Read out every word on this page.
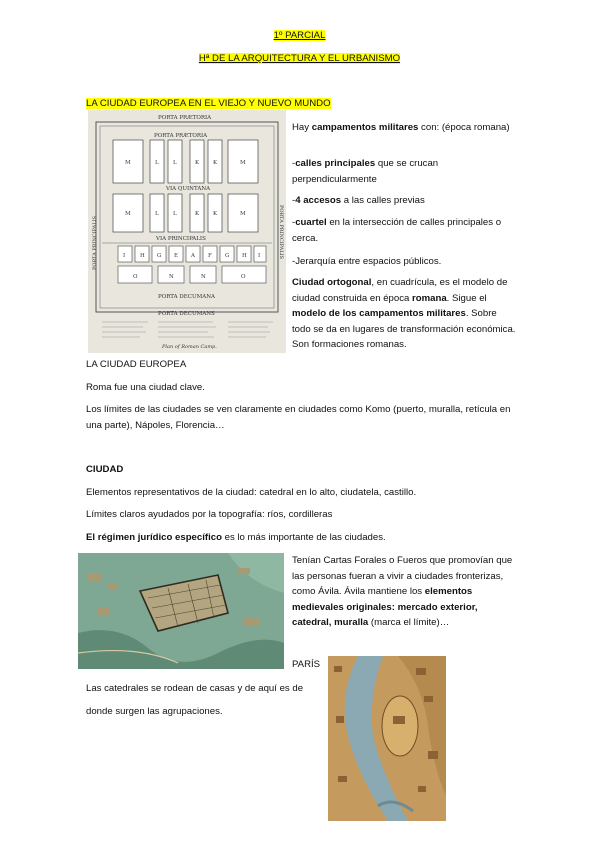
1º PARCIAL
Hª DE LA ARQUITECTURA Y EL URBANISMO
LA CIUDAD EUROPEA EN EL VIEJO Y NUEVO MUNDO
PORTA PRÆTORIA
PORTA PRÆTORIA
M	L	L	K	K	M
VIA QUINTANA
M	L	L	K	K	M
VIA PRINCIPALIS
I	H G E A F G H I
O	N	N	O
PORTA DECUMANA
PORTA DECUMANS
PORTA PRINCIPALIS	PORTA PRINCIPALIS
Plan of Roman Camp.
Hay campamentos militares con: (época romana)
-calles principales que se crucan perpendicularmente
-4 accesos a las calles previas
-cuartel en la intersección de calles principales o cerca.
-Jerarquía entre espacios públicos.
Ciudad ortogonal, en cuadrícula, es el modelo de ciudad construida en época romana. Sigue el modelo de los campamentos militares. Sobre todo se da en lugares de transformación económica. Son formaciones romanas.
LA CIUDAD EUROPEA
Roma fue una ciudad clave.
Los límites de las ciudades se ven claramente en ciudades como Komo (puerto, muralla, retícula en una parte), Nápoles, Florencia…
CIUDAD
Elementos representativos de la ciudad: catedral en lo alto, ciudatela, castillo.
Límites claros ayudados por la topografía: ríos, cordilleras
El régimen jurídico específico es lo más importante de las ciudades.
Tenían Cartas Forales o Fueros que promovían que las personas fueran a vivir a ciudades fronterizas, como Ávila. Ávila mantiene los elementos medievales originales: mercado exterior, catedral, muralla (marca el límite)…
PARÍS
Las catedrales se rodean de casas y de aquí es de
donde surgen las agrupaciones.
